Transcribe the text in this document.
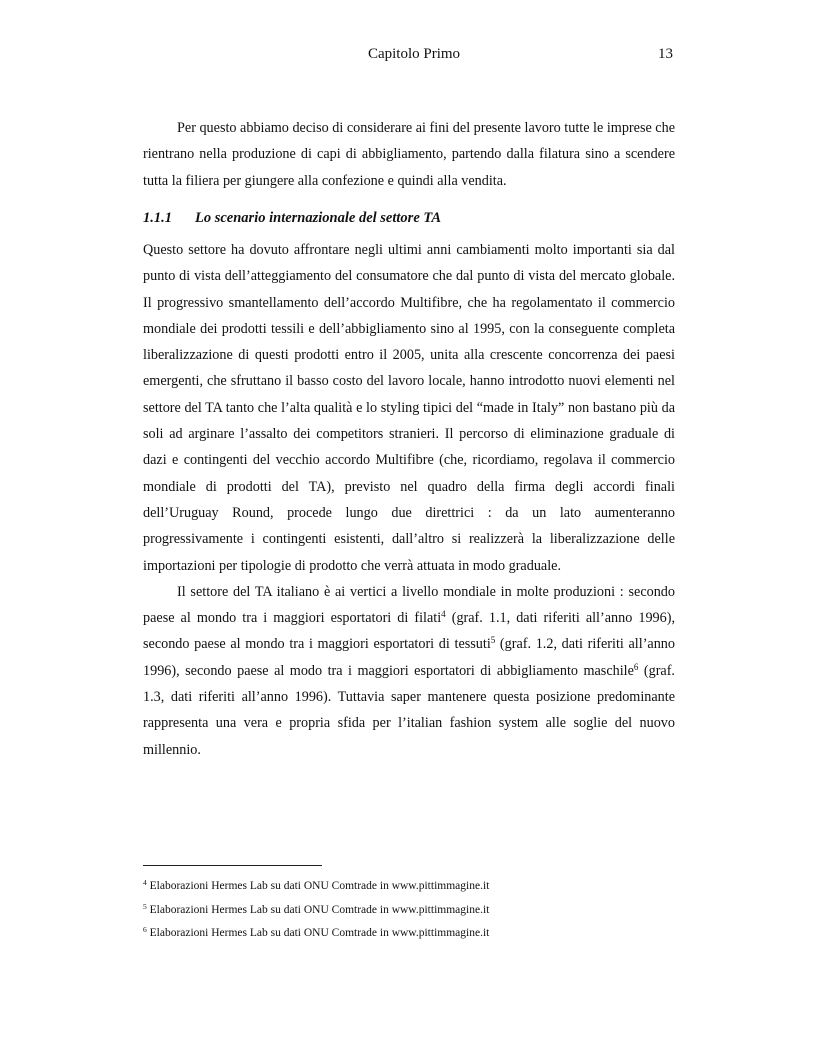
Capitolo Primo	13

Per questo abbiamo deciso di considerare ai fini del presente lavoro tutte le imprese che rientrano nella produzione di capi di abbigliamento, partendo dalla filatura sino a scendere tutta la filiera per giungere alla confezione e quindi alla vendita.

1.1.1 Lo scenario internazionale del settore TA

Questo settore ha dovuto affrontare negli ultimi anni cambiamenti molto importanti sia dal punto di vista dell’atteggiamento del consumatore che dal punto di vista del mercato globale. Il progressivo smantellamento dell’accordo Multifibre, che ha regolamentato il commercio mondiale dei prodotti tessili e dell’abbigliamento sino al 1995, con la conseguente completa liberalizzazione di questi prodotti entro il 2005, unita alla crescente concorrenza dei paesi emergenti, che sfruttano il basso costo del lavoro locale, hanno introdotto nuovi elementi nel settore del TA tanto che l’alta qualità e lo styling tipici del “made in Italy” non bastano più da soli ad arginare l’assalto dei competitors stranieri. Il percorso di eliminazione graduale di dazi e contingenti del vecchio accordo Multifibre (che, ricordiamo, regolava il commercio mondiale di prodotti del TA), previsto nel quadro della firma degli accordi finali dell’Uruguay Round, procede lungo due direttrici : da un lato aumenteranno progressivamente i contingenti esistenti, dall’altro si realizzerà la liberalizzazione delle importazioni per tipologie di prodotto che verrà attuata in modo graduale.

Il settore del TA italiano è ai vertici a livello mondiale in molte produzioni : secondo paese al mondo tra i maggiori esportatori di filati$^4$ (graf. 1.1, dati riferiti all’anno 1996), secondo paese al mondo tra i maggiori esportatori di tessuti$^5$ (graf. 1.2, dati riferiti all’anno 1996), secondo paese al modo tra i maggiori esportatori di abbigliamento maschile$^6$ (graf. 1.3, dati riferiti all’anno 1996). Tuttavia saper mantenere questa posizione predominante rappresenta una vera e propria sfida per l’italian fashion system alle soglie del nuovo millennio.

$^4$ Elaborazioni Hermes Lab su dati ONU Comtrade in www.pittimmagine.it
$^5$ Elaborazioni Hermes Lab su dati ONU Comtrade in www.pittimmagine.it
$^6$ Elaborazioni Hermes Lab su dati ONU Comtrade in www.pittimmagine.it
